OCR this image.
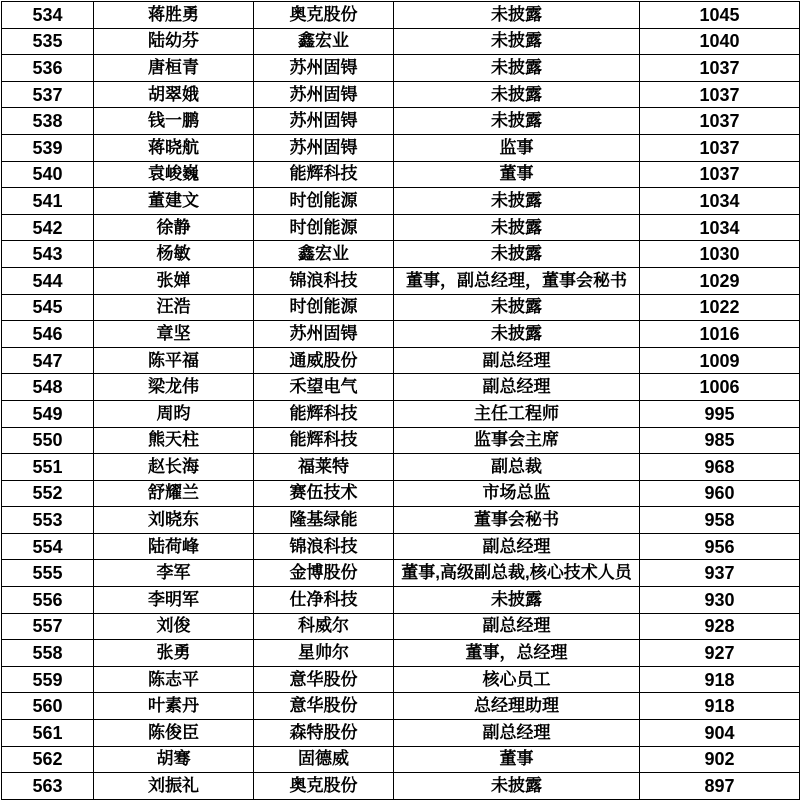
534	蒋胜勇	奥克股份	未披露	1045
535	陆幼芬	鑫宏业	未披露	1040
536	唐桓青	苏州固锝	未披露	1037
537	胡翠娥	苏州固锝	未披露	1037
538	钱一鹏	苏州固锝	未披露	1037
539	蒋晓航	苏州固锝	监事	1037
540	袁峻巍	能辉科技	董事	1037
541	董建文	时创能源	未披露	1034
542	徐静	时创能源	未披露	1034
543	杨敏	鑫宏业	未披露	1030
544	张婵	锦浪科技	董事，副总经理，董事会秘书	1029
545	汪浩	时创能源	未披露	1022
546	章坚	苏州固锝	未披露	1016
547	陈平福	通威股份	副总经理	1009
548	梁龙伟	禾望电气	副总经理	1006
549	周昀	能辉科技	主任工程师	995
550	熊天柱	能辉科技	监事会主席	985
551	赵长海	福莱特	副总裁	968
552	舒耀兰	赛伍技术	市场总监	960
553	刘晓东	隆基绿能	董事会秘书	958
554	陆荷峰	锦浪科技	副总经理	956
555	李军	金博股份	董事,高级副总裁,核心技术人员	937
556	李明军	仕净科技	未披露	930
557	刘俊	科威尔	副总经理	928
558	张勇	星帅尔	董事，总经理	927
559	陈志平	意华股份	核心员工	918
560	叶素丹	意华股份	总经理助理	918
561	陈俊臣	森特股份	副总经理	904
562	胡骞	固德威	董事	902
563	刘振礼	奥克股份	未披露	897
